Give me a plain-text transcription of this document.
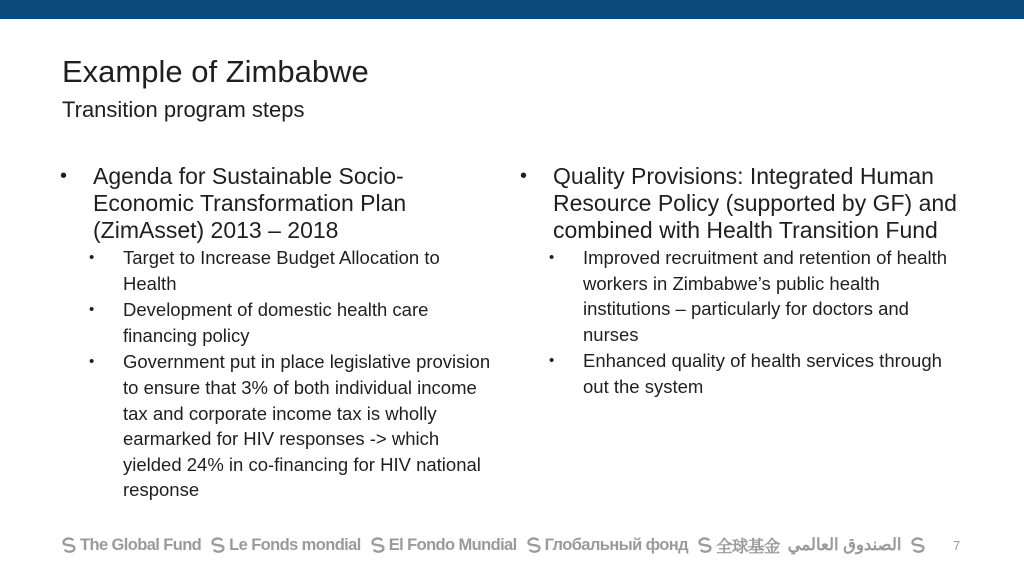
Example of Zimbabwe
Transition program steps
• Agenda for Sustainable Socio-Economic Transformation Plan (ZimAsset) 2013 – 2018
• Target to Increase Budget Allocation to Health
• Development of domestic health care financing policy
• Government put in place legislative provision to ensure that 3% of both individual income tax and corporate income tax is wholly earmarked for HIV responses -> which yielded 24% in co-financing for HIV national response
• Quality Provisions: Integrated Human Resource Policy (supported by GF) and combined with Health Transition Fund
• Improved recruitment and retention of health workers in Zimbabwe’s public health institutions – particularly for doctors and nurses
• Enhanced quality of health services through out the system
The Global Fund Le Fonds mondial El Fondo Mundial Глобальный фонд 全球基金 الصندوق العالمي	7
